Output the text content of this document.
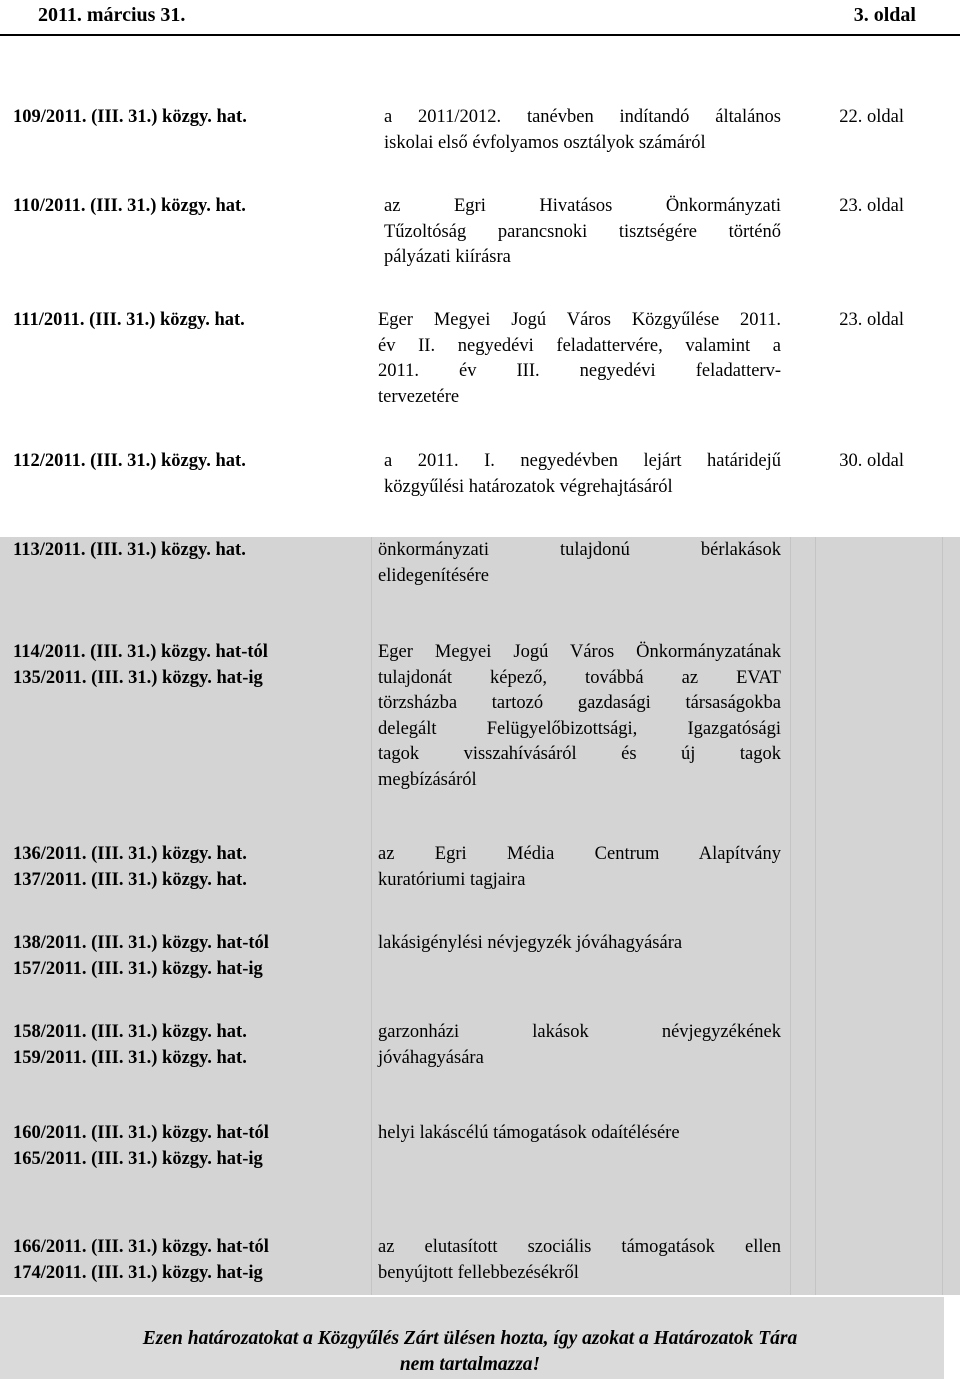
2011. március 31.	3. oldal
109/2011. (III. 31.) közgy. hat.	a 2011/2012. tanévben indítandó általános
iskolai első évfolyamos osztályok számáról
22. oldal
110/2011. (III. 31.) közgy. hat.	az Egri Hivatásos Önkormányzati
Tűzoltóság parancsnoki tisztségére történő
pályázati kiírásra
23. oldal
111/2011. (III. 31.) közgy. hat.	Eger Megyei Jogú Város Közgyűlése 2011.
év II. negyedévi feladattervére, valamint a
2011. év III. negyedévi feladatterv-
tervezetére
23. oldal
112/2011. (III. 31.) közgy. hat.	a 2011. I. negyedévben lejárt határidejű
közgyűlési határozatok végrehajtásáról
30. oldal
113/2011. (III. 31.) közgy. hat.	önkormányzati tulajdonú bérlakások
elidegenítésére
114/2011. (III. 31.) közgy. hat-tól
135/2011. (III. 31.) közgy. hat-ig
Eger Megyei Jogú Város Önkormányzatának
tulajdonát képező, továbbá az EVAT
törzsházba tartozó gazdasági társaságokba
delegált Felügyelőbizottsági, Igazgatósági
tagok visszahívásáról és új tagok
megbízásáról
136/2011. (III. 31.) közgy. hat.
137/2011. (III. 31.) közgy. hat.
az Egri Média Centrum Alapítvány
kuratóriumi tagjaira
138/2011. (III. 31.) közgy. hat-tól
157/2011. (III. 31.) közgy. hat-ig
lakásigénylési névjegyzék jóváhagyására
158/2011. (III. 31.) közgy. hat.
159/2011. (III. 31.) közgy. hat.
garzonházi lakások névjegyzékének
jóváhagyására
160/2011. (III. 31.) közgy. hat-tól
165/2011. (III. 31.) közgy. hat-ig
helyi lakáscélú támogatások odaítélésére
166/2011. (III. 31.) közgy. hat-tól
174/2011. (III. 31.) közgy. hat-ig
az elutasított szociális támogatások ellen
benyújtott fellebbezésékről
Ezen határozatokat a Közgyűlés Zárt ülésen hozta, így azokat a Határozatok Tára
nem tartalmazza!
